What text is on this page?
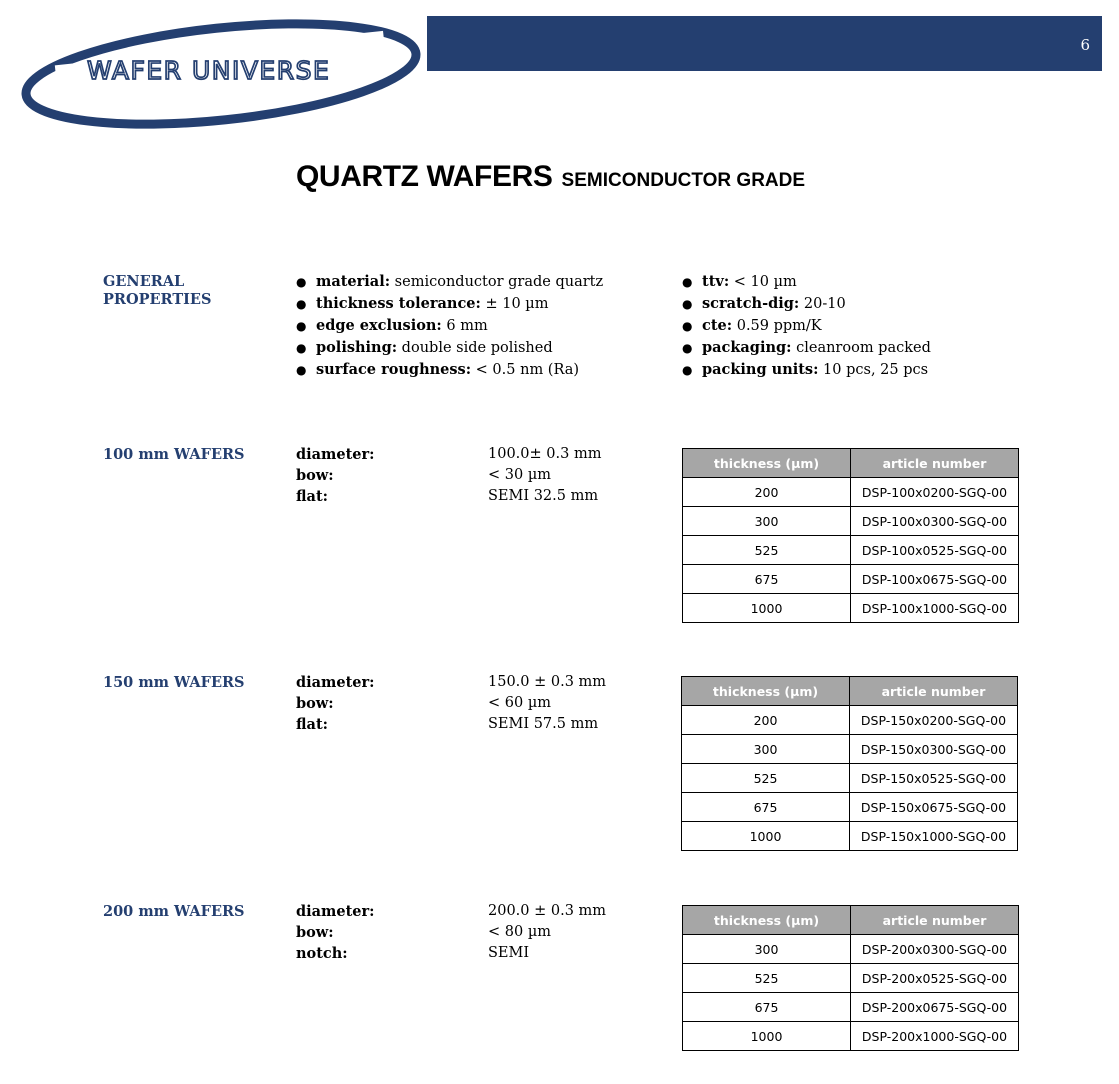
6
WAFER UNIVERSE
QUARTZ WAFERS SEMICONDUCTOR GRADE
GENERAL
PROPERTIES
● material: semiconductor grade quartz
● thickness tolerance: ± 10 µm
● edge exclusion: 6 mm
● polishing: double side polished
● surface roughness: < 0.5 nm (Ra)
● ttv: < 10 µm
● scratch-dig: 20-10
● cte: 0.59 ppm/K
● packaging: cleanroom packed
● packing units: 10 pcs, 25 pcs
100 mm WAFERS	diameter:	100.0± 0.3 mm
bow:	< 30 µm
flat:	SEMI 32.5 mm
thickness (µm)	article number
200	DSP-100x0200-SGQ-00
300	DSP-100x0300-SGQ-00
525	DSP-100x0525-SGQ-00
675	DSP-100x0675-SGQ-00
1000	DSP-100x1000-SGQ-00
150 mm WAFERS	diameter:	150.0 ± 0.3 mm
bow:	< 60 µm
flat:	SEMI 57.5 mm
thickness (µm)	article number
200	DSP-150x0200-SGQ-00
300	DSP-150x0300-SGQ-00
525	DSP-150x0525-SGQ-00
675	DSP-150x0675-SGQ-00
1000	DSP-150x1000-SGQ-00
200 mm WAFERS	diameter:	200.0 ± 0.3 mm
bow:	< 80 µm
notch:	SEMI
thickness (µm)	article number
300	DSP-200x0300-SGQ-00
525	DSP-200x0525-SGQ-00
675	DSP-200x0675-SGQ-00
1000	DSP-200x1000-SGQ-00
